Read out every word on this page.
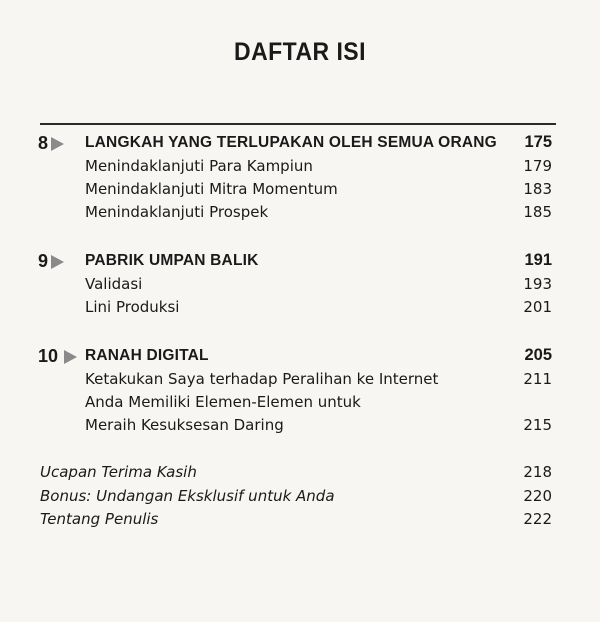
DAFTAR ISI
8 LANGKAH YANG TERLUPAKAN OLEH SEMUA ORANG 175
Menindaklanjuti Para Kampiun	179
Menindaklanjuti Mitra Momentum	183
Menindaklanjuti Prospek	185
9 PABRIK UMPAN BALIK	191
Validasi	193
Lini Produksi	201
10 RANAH DIGITAL	205
Ketakukan Saya terhadap Peralihan ke Internet	211
Anda Memiliki Elemen-Elemen untuk
Meraih Kesuksesan Daring	215
Ucapan Terima Kasih	218
Bonus: Undangan Eksklusif untuk Anda	220
Tentang Penulis	222
